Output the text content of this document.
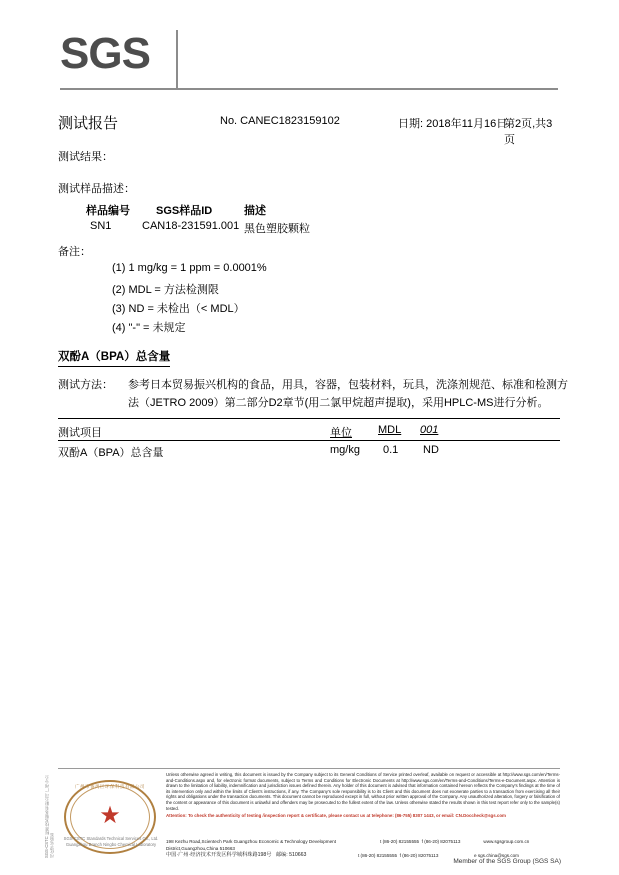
SGS
测试报告	No. CANEC1823159102	日期: 2018年11月16日
第2页,共3页
测试结果：
测试样品描述：
样品编号 SGS样品ID	描述
SN1	CAN18-231591.001 黑色塑胶颗粒
备注：
(1) 1 mg/kg = 1 ppm = 0.0001%
(2) MDL = 方法检测限
(3) ND = 未检出（< MDL）
(4) "-" = 未规定
双酚A（BPA）总含量
测试方法： 参考日本贸易振兴机构的食品，用具，容器，包装材料，玩具，洗涤剂规范、标准和检测方
法（JETRO 2009）第二部分D2章节(用二氯甲烷超声提取)，采用HPLC-MS进行分析。
测试项目	单位 MDL 001
双酚A（BPA）总含量	mg/kg 0.1 ND
SGS-CSTC 标准技术服务有限公司 广州分公司化学实验室
广州市番禺区环保科技有限公司
★
SGS-CSTC Standards Technical Services Co., Ltd.
Guangzhou Branch Ningbo Chemical Laboratory
Unless otherwise agreed in writing, this document is issued by the Company subject to its General Conditions of Service printed overleaf, available on request or accessible at http://www.sgs.com/en/Terms-and-Conditions.aspx and, for electronic format documents, subject to Terms and Conditions for Electronic Documents at http://www.sgs.com/en/Terms-and-Conditions/Terms-e-Document.aspx. Attention is drawn to the limitation of liability, indemnification and jurisdiction issues defined therein. Any holder of this document is advised that information contained hereon reflects the Company's findings at the time of its intervention only and within the limits of Client's instructions, if any. The Company's sole responsibility is to its Client and this document does not exonerate parties to a transaction from exercising all their rights and obligations under the transaction documents. This document cannot be reproduced except in full, without prior written approval of the Company. Any unauthorized alteration, forgery or falsification of the content or appearance of this document is unlawful and offenders may be prosecuted to the fullest extent of the law. Unless otherwise stated the results shown in this test report refer only to the sample(s) tested.
Attention: To check the authenticity of testing /inspection report & certificate, please contact us at telephone: (86-755) 8307 1443, or email: CN.Doccheck@sgs.com
198 Kezhu Road,Scientech Park Guangzhou Economic & Technology Development District,Guangzhou,China 510663
t (86-20) 82155555 f (86-20) 82075113	www.sgsgroup.com.cn
中国·广州·经济技术开发区科学城科珠路198号 邮编: 510663	t (86-20) 82155555 f (86-20) 82075113	e sgs.china@sgs.com
Member of the SGS Group (SGS SA)
